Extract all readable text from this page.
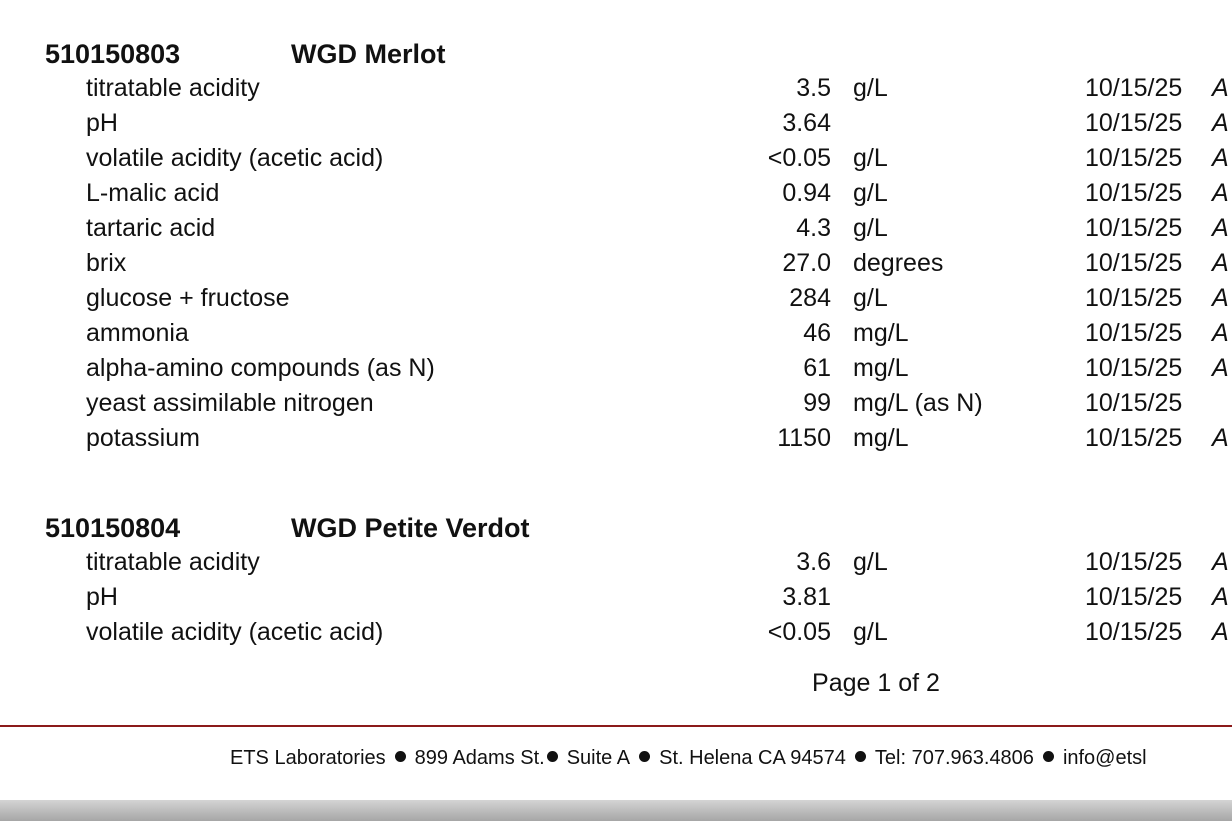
510150803	WGD Merlot
titratable acidity	3.5 g/L	10/15/25 A
pH	3.64	10/15/25 A
volatile acidity (acetic acid)	<0.05 g/L	10/15/25 A
L-malic acid	0.94 g/L	10/15/25 A
tartaric acid	4.3 g/L	10/15/25 A
brix	27.0 degrees	10/15/25 A
glucose + fructose	284 g/L	10/15/25 A
ammonia	46 mg/L	10/15/25 A
alpha-amino compounds (as N)	61 mg/L	10/15/25 A
yeast assimilable nitrogen	99 mg/L (as N)	10/15/25
potassium	1150 mg/L	10/15/25 A
510150804	WGD Petite Verdot
titratable acidity	3.6 g/L	10/15/25 A
pH	3.81	10/15/25 A
volatile acidity (acetic acid)	<0.05 g/L	10/15/25 A
Page 1 of 2
ETS Laboratories 899 Adams St. Suite A St. Helena CA 94574 Tel: 707.963.4806 info@etsl
